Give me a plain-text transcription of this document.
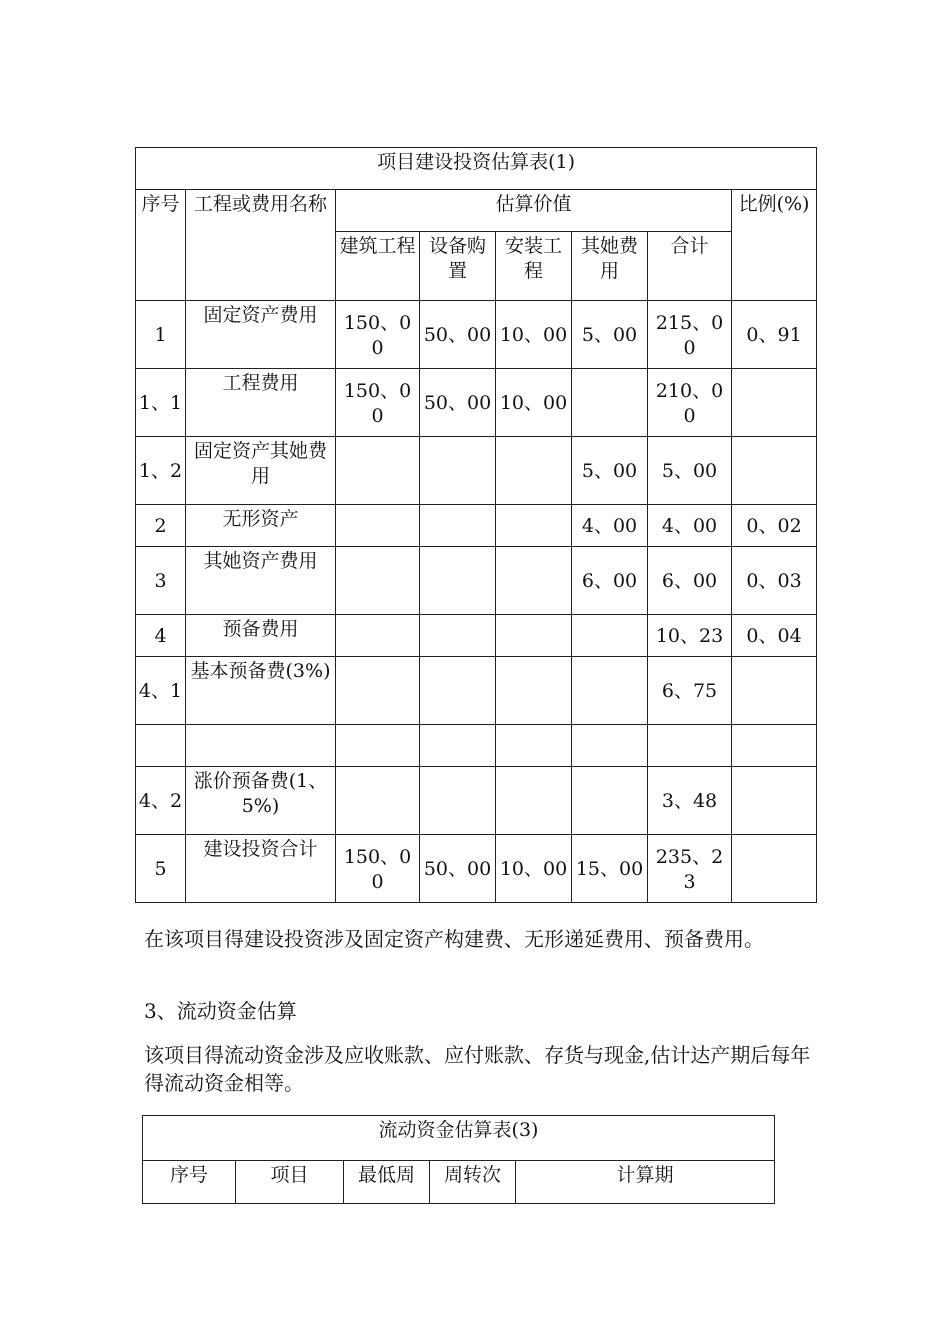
项目建设投资估算表(1)							
序号	工程或费用名称	估算价值					比例(%)
		建筑工程	设备购置	安装工程	其她费用	合计	
1	固定资产费用	150、00	50、00	10、00	5、00	215、00	0、91
1、1	工程费用	150、00	50、00	10、00		210、00	
1、2	固定资产其她费用				5、00	5、00	
2	无形资产				4、00	4、00	0、02
3	其她资产费用				6、00	6、00	0、03
4	预备费用					10、23	0、04
4、1	基本预备费(3%)					6、75	

4、2	涨价预备费(1、5%)					3、48	
5	建设投资合计	150、00	50、00	10、00	15、00	235、23	

在该项目得建设投资涉及固定资产构建费、无形递延费用、预备费用。

3、流动资金估算

该项目得流动资金涉及应收账款、应付账款、存货与现金,估计达产期后每年得流动资金相等。

流动资金估算表(3)
序号	项目	最低周	周转次	计算期
